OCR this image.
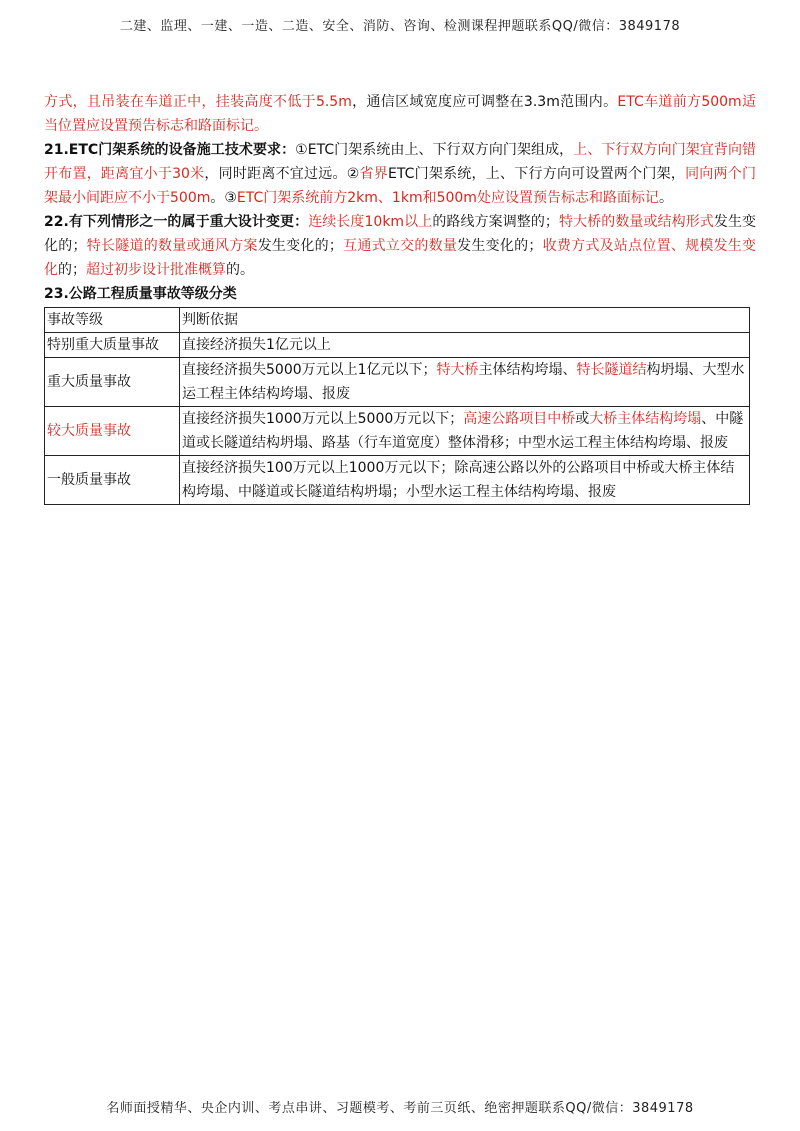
二建、监理、一建、一造、二造、安全、消防、咨询、检测课程押题联系QQ/微信：3849178

方式，且吊装在车道正中，挂装高度不低于5.5m，通信区域宽度应可调整在3.3m范围内。ETC车道前方500m适当位置应设置预告标志和路面标记。

21.ETC门架系统的设备施工技术要求：①ETC门架系统由上、下行双方向门架组成，上、下行双方向门架宜背向错开布置，距离宜小于30米，同时距离不宜过远。②省界ETC门架系统，上、下行方向可设置两个门架，同向两个门架最小间距应不小于500m。③ETC门架系统前方2km、1km和500m处应设置预告标志和路面标记。

22.有下列情形之一的属于重大设计变更：连续长度10km以上的路线方案调整的；特大桥的数量或结构形式发生变化的；特长隧道的数量或通风方案发生变化的；互通式立交的数量发生变化的；收费方式及站点位置、规模发生变化的；超过初步设计批准概算的。

23.公路工程质量事故等级分类

事故等级	判断依据
特别重大质量事故	直接经济损失1亿元以上
重大质量事故	直接经济损失5000万元以上1亿元以下；特大桥主体结构垮塌、特长隧道结构坍塌、大型水运工程主体结构垮塌、报废
较大质量事故	直接经济损失1000万元以上5000万元以下；高速公路项目中桥或大桥主体结构垮塌、中隧道或长隧道结构坍塌、路基（行车道宽度）整体滑移；中型水运工程主体结构垮塌、报废
一般质量事故	直接经济损失100万元以上1000万元以下；除高速公路以外的公路项目中桥或大桥主体结构垮塌、中隧道或长隧道结构坍塌；小型水运工程主体结构垮塌、报废
名师面授精华、央企内训、考点串讲、习题模考、考前三页纸、绝密押题联系QQ/微信：3849178
